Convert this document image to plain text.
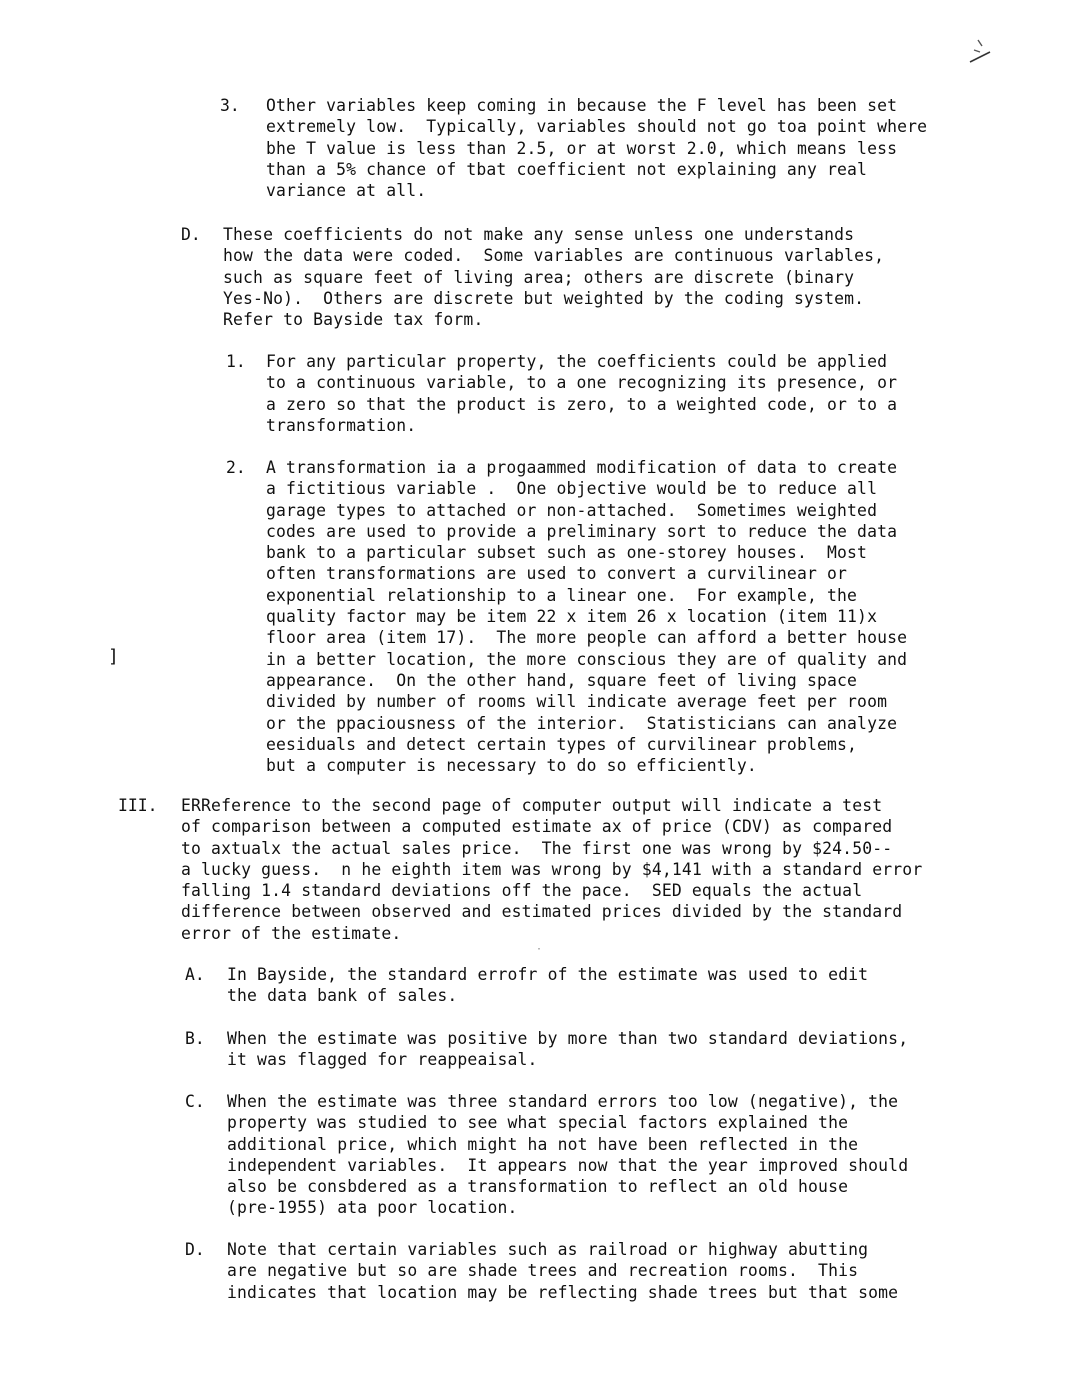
3. Other variables keep coming in because the F level has been set
extremely low.  Typically, variables should not go toa point where
bhe T value is less than 2.5, or at worst 2.0, which means less
than a 5% chance of tbat coefficient not explaining any real
variance at all.
D. These coefficients do not make any sense unless one understands
how the data were coded.  Some variables are continuous varlables,
such as square feet of living area; others are discrete (binary
Yes-No).  Others are discrete but weighted by the coding system.
Refer to Bayside tax form.
1. For any particular property, the coefficients could be applied
to a continuous variable, to a one recognizing its presence, or
a zero so that the product is zero, to a weighted code, or to a
transformation.
2. A transformation ia a progaammed modification of data to create
a fictitious variable .  One objective would be to reduce all
garage types to attached or non-attached.  Sometimes weighted
codes are used to provide a preliminary sort to reduce the data
bank to a particular subset such as one-storey houses.  Most
often transformations are used to convert a curvilinear or
exponential relationship to a linear one.  For example, the
quality factor may be item 22 x item 26 x location (item 11)x
floor area (item 17).  The more people can afford a better house
in a better location, the more conscious they are of quality and
appearance.  On the other hand, square feet of living space
divided by number of rooms will indicate average feet per room
or the ppaciousness of the interior.  Statisticians can analyze
eesiduals and detect certain types of curvilinear problems,
but a computer is necessary to do so efficiently.
]
III. ERReference to the second page of computer output will indicate a test
of comparison between a computed estimate ax of price (CDV) as compared
to axtualx the actual sales price.  The first one was wrong by $24.50--
a lucky guess.  n he eighth item was wrong by $4,141 with a standard error
falling 1.4 standard deviations off the pace.  SED equals the actual
difference between observed and estimated prices divided by the standard
error of the estimate.
·
A. In Bayside, the standard errofr of the estimate was used to edit
the data bank of sales.
B. When the estimate was positive by more than two standard deviations,
it was flagged for reappeaisal.
C. When the estimate was three standard errors too low (negative), the
property was studied to see what special factors explained the
additional price, which might ha not have been reflected in the
independent variables.  It appears now that the year improved should
also be consbdered as a transformation to reflect an old house
(pre-1955) ata poor location.
D. Note that certain variables such as railroad or highway abutting
are negative but so are shade trees and recreation rooms.  This
indicates that location may be reflecting shade trees but that some
